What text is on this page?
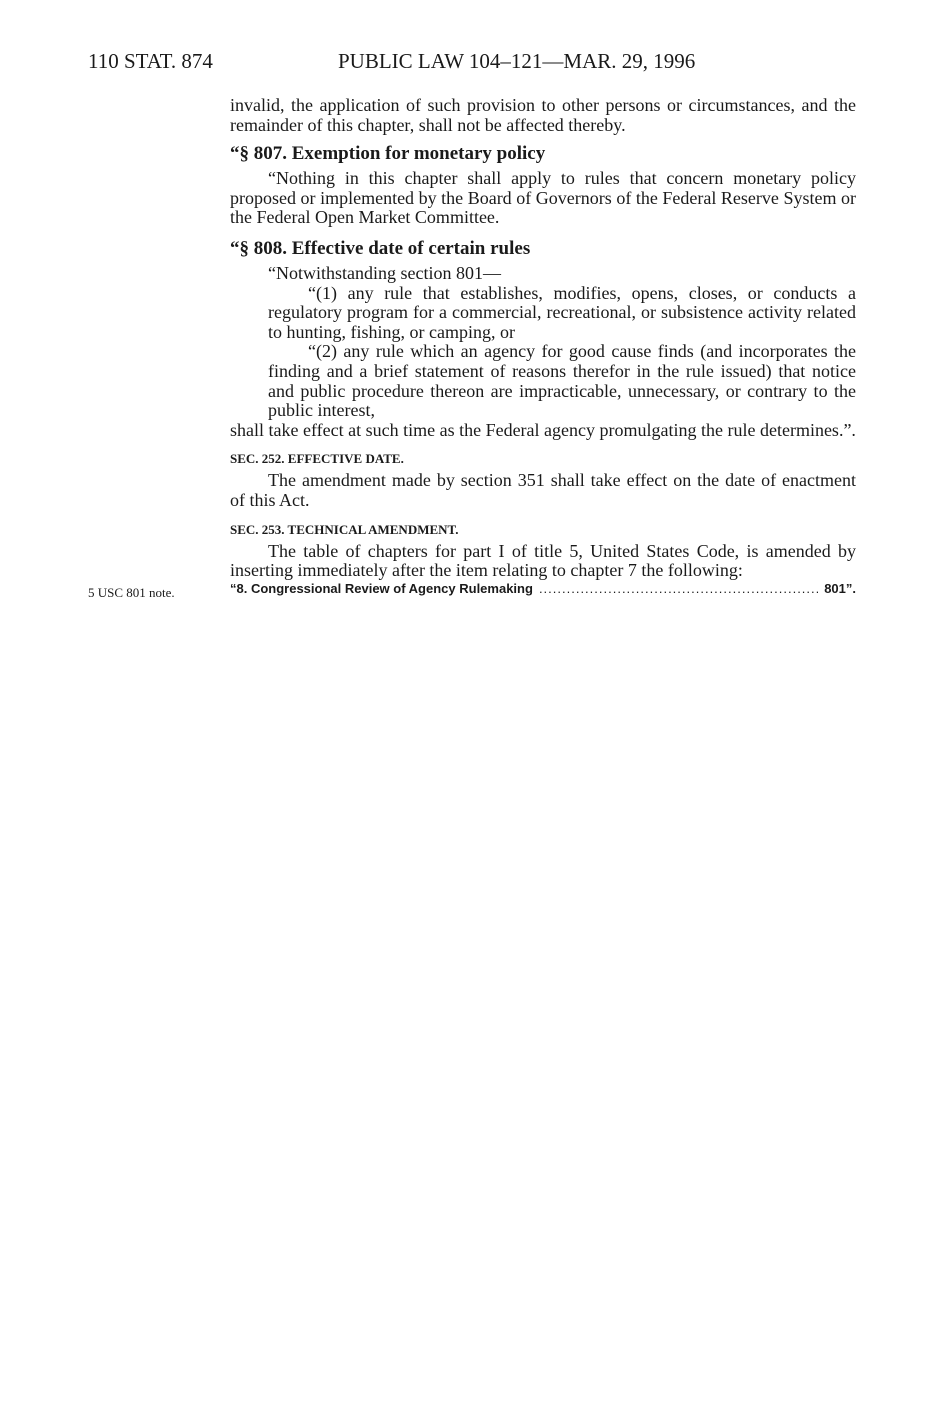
110 STAT. 874	PUBLIC LAW 104–121—MAR. 29, 1996
5 USC 801 note.

invalid, the application of such provision to other persons or circumstances, and the remainder of this chapter, shall not be affected thereby.

“§ 807. Exemption for monetary policy

“Nothing in this chapter shall apply to rules that concern monetary policy proposed or implemented by the Board of Governors of the Federal Reserve System or the Federal Open Market Committee.

“§ 808. Effective date of certain rules

“Notwithstanding section 801—

“(1) any rule that establishes, modifies, opens, closes, or conducts a regulatory program for a commercial, recreational, or subsistence activity related to hunting, fishing, or camping, or

“(2) any rule which an agency for good cause finds (and incorporates the finding and a brief statement of reasons therefor in the rule issued) that notice and public procedure thereon are impracticable, unnecessary, or contrary to the public interest,

shall take effect at such time as the Federal agency promulgating the rule determines.”.

SEC. 252. EFFECTIVE DATE.

The amendment made by section 351 shall take effect on the date of enactment of this Act.

SEC. 253. TECHNICAL AMENDMENT.

The table of chapters for part I of title 5, United States Code, is amended by inserting immediately after the item relating to chapter 7 the following:

“8. Congressional Review of Agency Rulemaking
.....	801”.
